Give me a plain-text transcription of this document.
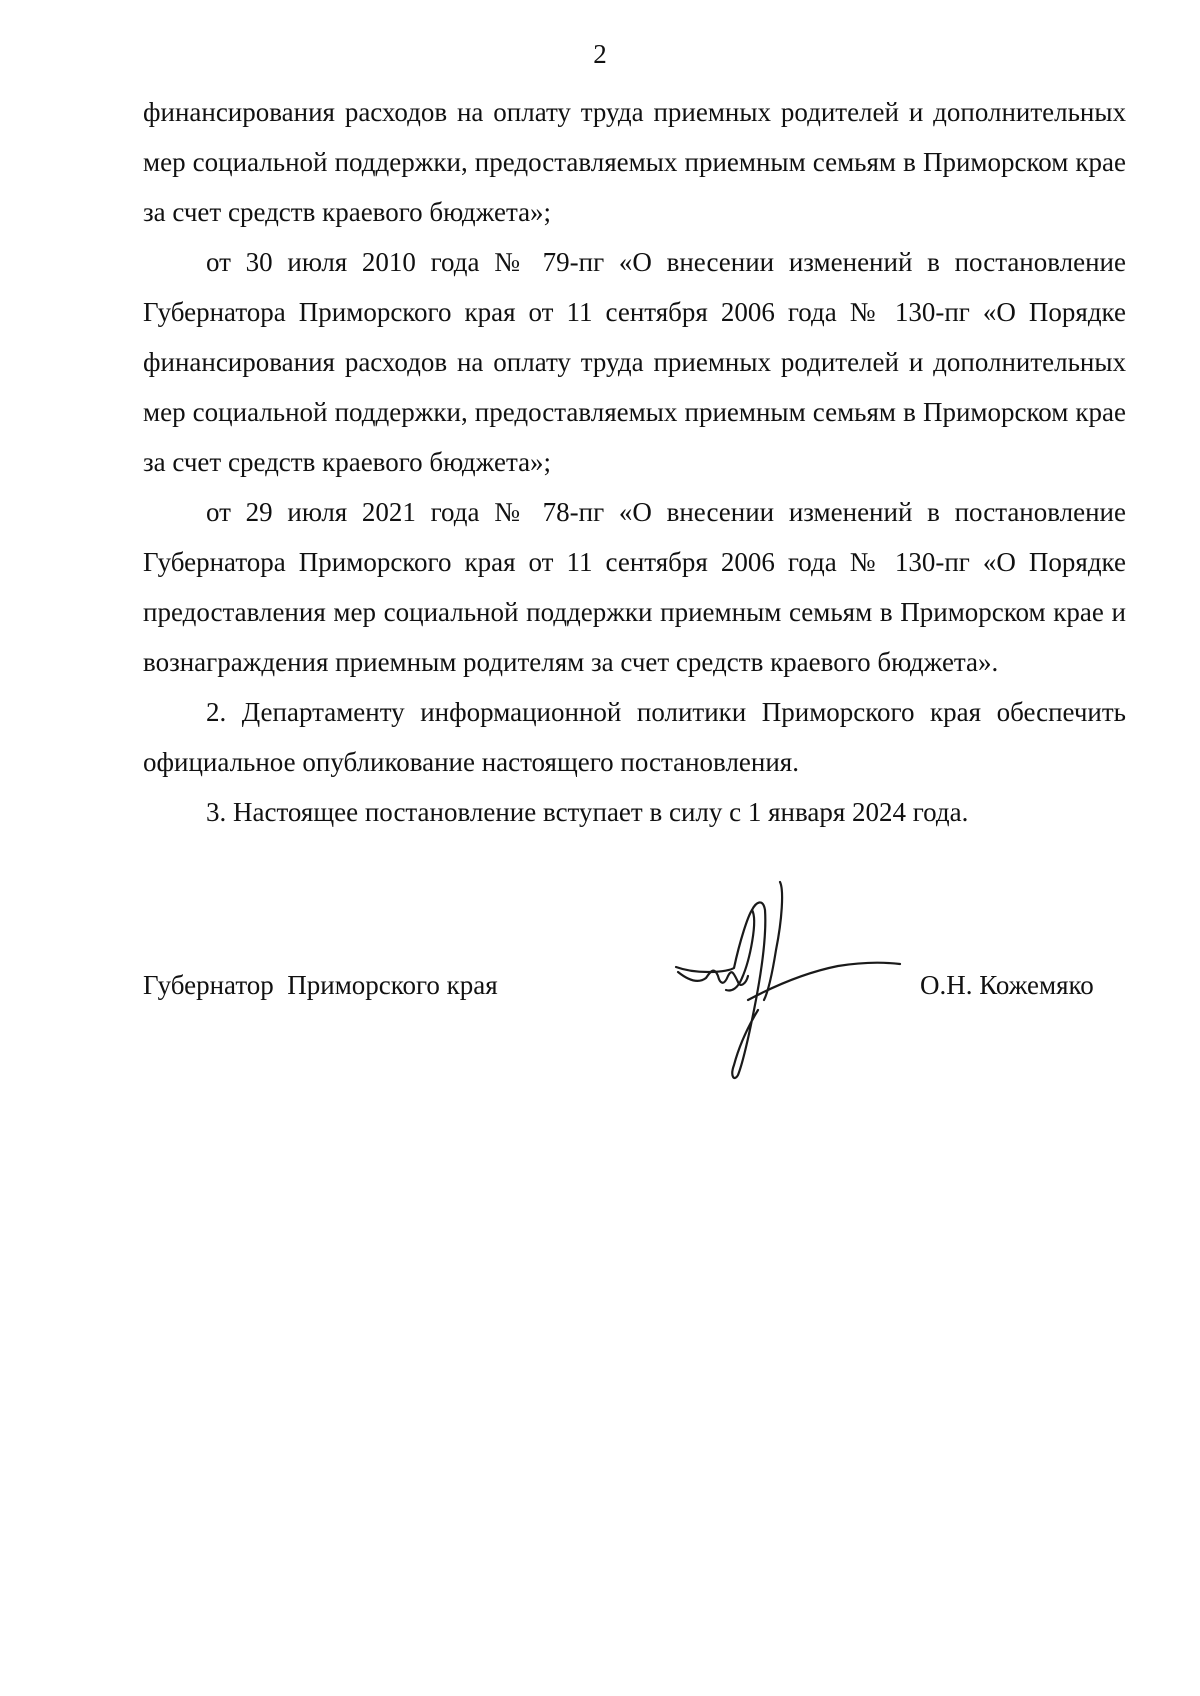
2

финансирования расходов на оплату труда приемных родителей и дополнительных мер социальной поддержки, предоставляемых приемным семьям в Приморском крае за счет средств краевого бюджета»;

от 30 июля 2010 года № 79-пг «О внесении изменений в постановление Губернатора Приморского края от 11 сентября 2006 года № 130-пг «О Порядке финансирования расходов на оплату труда приемных родителей и дополнительных мер социальной поддержки, предоставляемых приемным семьям в Приморском крае за счет средств краевого бюджета»;

от 29 июля 2021 года № 78-пг «О внесении изменений в постановление Губернатора Приморского края от 11 сентября 2006 года № 130-пг «О Порядке предоставления мер социальной поддержки приемным семьям в Приморском крае и вознаграждения приемным родителям за счет средств краевого бюджета».

2. Департаменту информационной политики Приморского края обеспечить официальное опубликование настоящего постановления.

3. Настоящее постановление вступает в силу с 1 января 2024 года.

Губернатор  Приморского края	О.Н. Кожемяко
